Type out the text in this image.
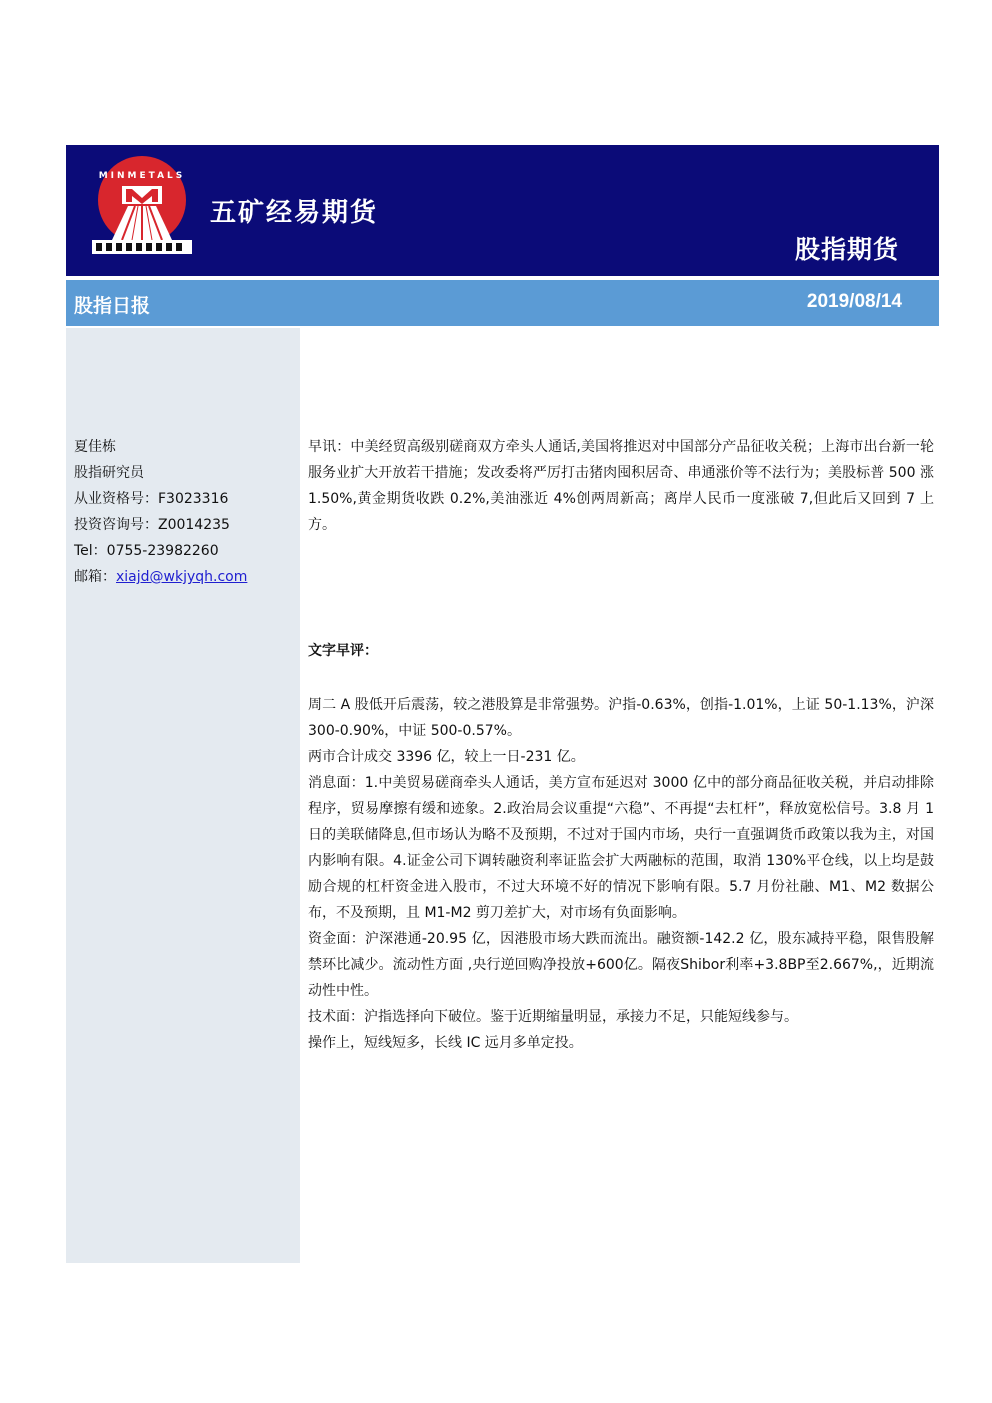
MINMETALS
五矿经易期货
股指期货
股指日报	2019/08/14
夏佳栋
股指研究员
从业资格号：F3023316
投资咨询号：Z0014235
Tel：0755-23982260
邮箱：xiajd@wkjyqh.com

早讯：中美经贸高级别磋商双方牵头人通话,美国将推迟对中国部分产品征收关税；上海市出台新一轮服务业扩大开放若干措施；发改委将严厉打击猪肉囤积居奇、串通涨价等不法行为；美股标普 500 涨 1.50%,黄金期货收跌 0.2%,美油涨近 4%创两周新高；离岸人民币一度涨破 7,但此后又回到 7 上方。

文字早评：

周二 A 股低开后震荡，较之港股算是非常强势。沪指-0.63%，创指-1.01%，上证 50-1.13%，沪深 300-0.90%，中证 500-0.57%。

两市合计成交 3396 亿，较上一日-231 亿。

消息面：1.中美贸易磋商牵头人通话，美方宣布延迟对 3000 亿中的部分商品征收关税，并启动排除程序，贸易摩擦有缓和迹象。2.政治局会议重提“六稳”、不再提“去杠杆”，释放宽松信号。3.8 月 1 日的美联储降息,但市场认为略不及预期，不过对于国内市场，央行一直强调货币政策以我为主，对国内影响有限。4.证金公司下调转融资利率证监会扩大两融标的范围，取消 130%平仓线，以上均是鼓励合规的杠杆资金进入股市，不过大环境不好的情况下影响有限。5.7 月份社融、M1、M2 数据公布，不及预期，且 M1-M2 剪刀差扩大，对市场有负面影响。

资金面：沪深港通-20.95 亿，因港股市场大跌而流出。融资额-142.2 亿，股东减持平稳，限售股解禁环比减少。流动性方面 ,央行逆回购净投放+600亿。隔夜Shibor利率+3.8BP至2.667%,，近期流动性中性。

技术面：沪指选择向下破位。鉴于近期缩量明显，承接力不足，只能短线参与。

操作上，短线短多，长线 IC 远月多单定投。
